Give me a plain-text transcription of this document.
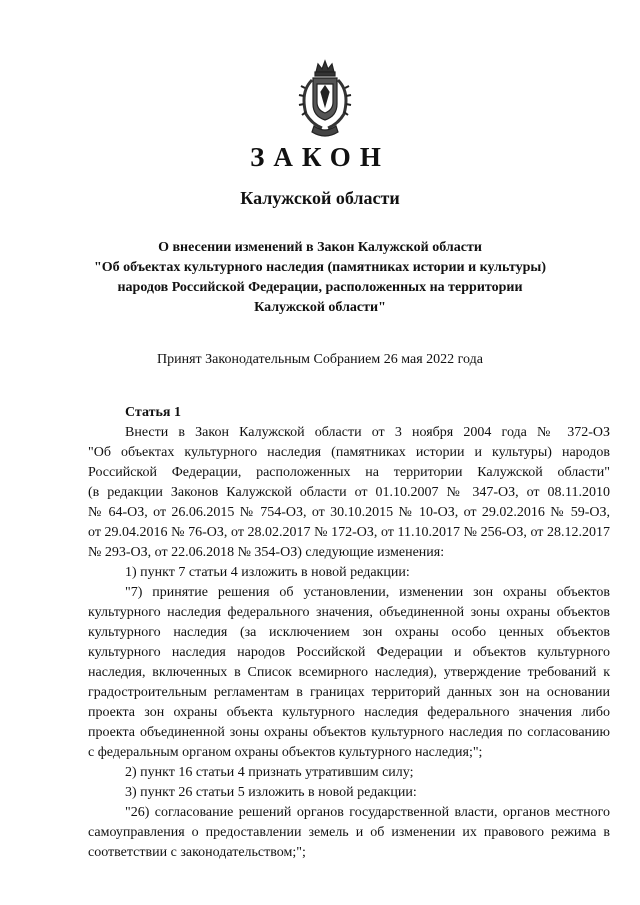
ЗАКОН
Калужской области
О внесении изменений в Закон Калужской области
"Об объектах культурного наследия (памятниках истории и культуры)
народов Российской Федерации, расположенных на территории
Калужской области"
Принят Законодательным Собранием 26 мая 2022 года
Статья 1
Внести в Закон Калужской области от 3 ноября 2004 года № 372-ОЗ
"Об объектах культурного наследия (памятниках истории и культуры) народов
Российской Федерации, расположенных на территории Калужской области"
(в редакции Законов Калужской области от 01.10.2007 № 347-ОЗ, от 08.11.2010
№ 64-ОЗ, от 26.06.2015 № 754-ОЗ, от 30.10.2015 № 10-ОЗ, от 29.02.2016 № 59-ОЗ,
от 29.04.2016 № 76-ОЗ, от 28.02.2017 № 172-ОЗ, от 11.10.2017 № 256-ОЗ, от 28.12.2017
№ 293-ОЗ, от 22.06.2018 № 354-ОЗ) следующие изменения:
1) пункт 7 статьи 4 изложить в новой редакции:
"7) принятие решения об установлении, изменении зон охраны объектов
культурного наследия федерального значения, объединенной зоны охраны объектов
культурного наследия (за исключением зон охраны особо ценных объектов
культурного наследия народов Российской Федерации и объектов культурного
наследия, включенных в Список всемирного наследия), утверждение требований к
градостроительным регламентам в границах территорий данных зон на основании
проекта зон охраны объекта культурного наследия федерального значения либо
проекта объединенной зоны охраны объектов культурного наследия по согласованию
с федеральным органом охраны объектов культурного наследия;";
2) пункт 16 статьи 4 признать утратившим силу;
3) пункт 26 статьи 5 изложить в новой редакции:
"26) согласование решений органов государственной власти, органов местного
самоуправления о предоставлении земель и об изменении их правового режима в
соответствии с законодательством;";
